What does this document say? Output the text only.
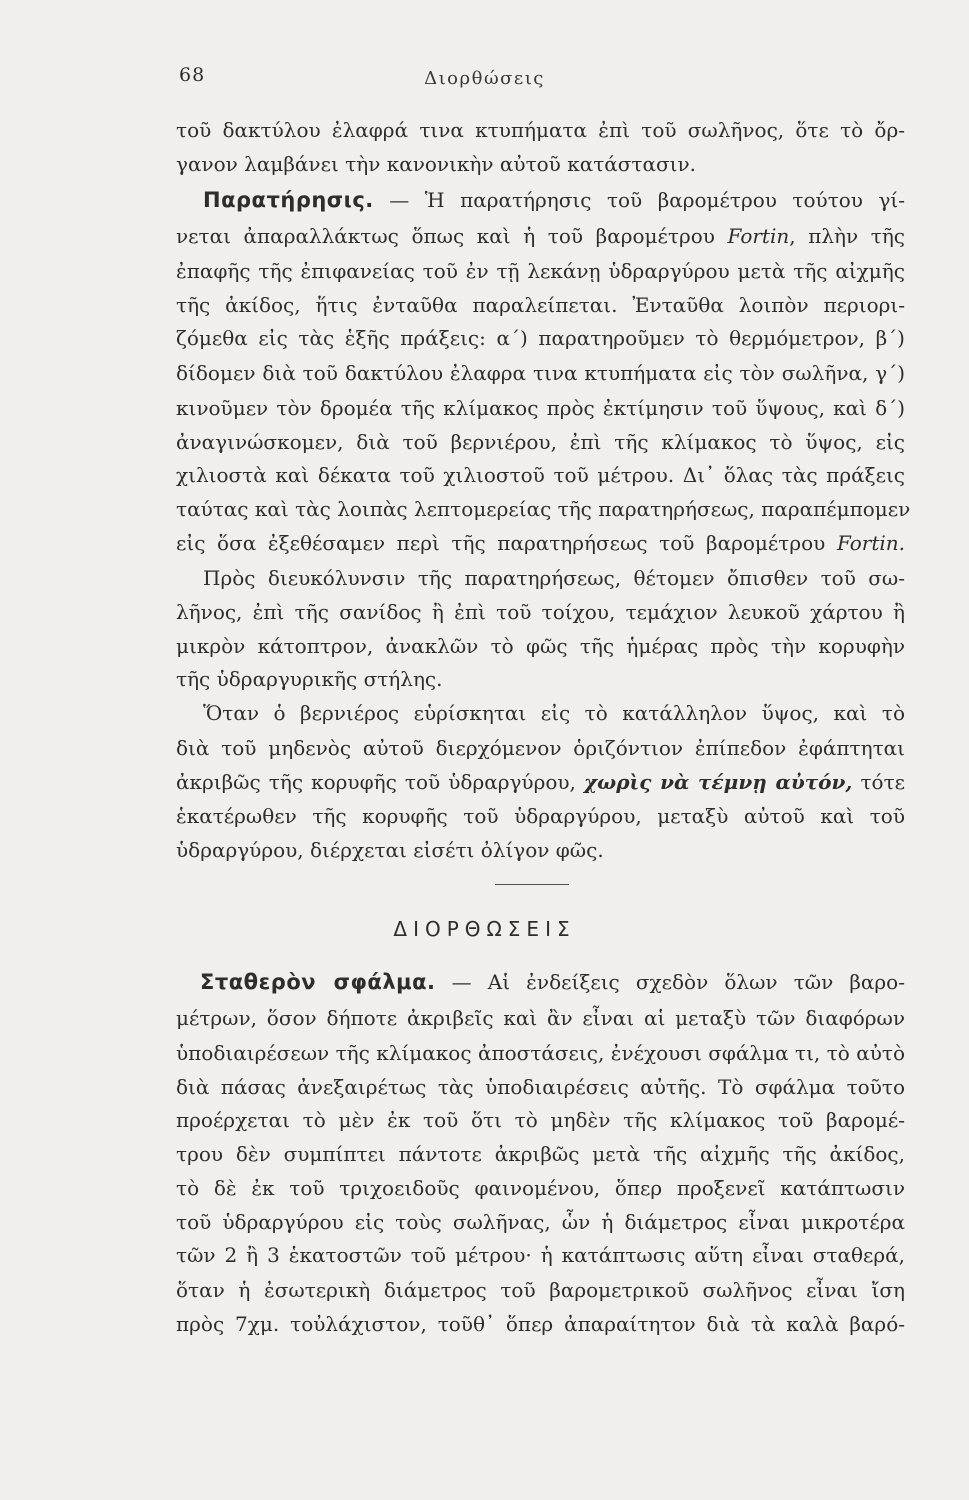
68	Διορθώσεις
τοῦ δακτύλου ἐλαφρά τινα κτυπήματα ἐπὶ τοῦ σωλῆνος, ὅτε τὸ ὄρ-
γανον λαμβάνει τὴν κανονικὴν αὐτοῦ κατάστασιν.
Παρατήρησις. — Ἡ παρατήρησις τοῦ βαρομέτρου τούτου γί-
νεται ἀπαραλλάκτως ὅπως καὶ ἡ τοῦ βαρομέτρου Fortin, πλὴν τῆς
ἐπαφῆς τῆς ἐπιφανείας τοῦ ἐν τῇ λεκάνῃ ὑδραργύρου μετὰ τῆς αἰχμῆς
τῆς ἀκίδος, ἥτις ἐνταῦθα παραλείπεται. Ἐνταῦθα λοιπὸν περιορι-
ζόμεθα εἰς τὰς ἑξῆς πράξεις: α΄) παρατηροῦμεν τὸ θερμόμετρον, β΄)
δίδομεν διὰ τοῦ δακτύλου ἐλαφρα τινα κτυπήματα εἰς τὸν σωλῆνα, γ΄)
κινοῦμεν τὸν δρομέα τῆς κλίμακος πρὸς ἐκτίμησιν τοῦ ὕψους, καὶ δ΄)
ἀναγινώσκομεν, διὰ τοῦ βερνιέρου, ἐπὶ τῆς κλίμακος τὸ ὕψος, εἰς
χιλιοστὰ καὶ δέκατα τοῦ χιλιοστοῦ τοῦ μέτρου. Δι᾿ ὅλας τὰς πράξεις
ταύτας καὶ τὰς λοιπὰς λεπτομερείας τῆς παρατηρήσεως, παραπέμπομεν
εἰς ὅσα ἐξεθέσαμεν περὶ τῆς παρατηρήσεως τοῦ βαρομέτρου Fortin.
Πρὸς διευκόλυνσιν τῆς παρατηρήσεως, θέτομεν ὄπισθεν τοῦ σω-
λῆνος, ἐπὶ τῆς σανίδος ἢ ἐπὶ τοῦ τοίχου, τεμάχιον λευκοῦ χάρτου ἢ
μικρὸν κάτοπτρον, ἀνακλῶν τὸ φῶς τῆς ἡμέρας πρὸς τὴν κορυφὴν
τῆς ὑδραργυρικῆς στήλης.
Ὅταν ὁ βερνιέρος εὑρίσκηται εἰς τὸ κατάλληλον ὕψος, καὶ τὸ
διὰ τοῦ μηδενὸς αὐτοῦ διερχόμενον ὁριζόντιον ἐπίπεδον ἐφάπτηται
ἀκριβῶς τῆς κορυφῆς τοῦ ὑδραργύρου, χωρὶς νὰ τέμνῃ αὐτόν, τότε
ἑκατέρωθεν τῆς κορυφῆς τοῦ ὑδραργύρου, μεταξὺ αὐτοῦ καὶ τοῦ
ὑδραργύρου, διέρχεται εἰσέτι ὀλίγον φῶς.
ΔΙΟΡΘΩΣΕΙΣ
Σταθερὸν σφάλμα. — Αἱ ἐνδείξεις σχεδὸν ὅλων τῶν βαρο-
μέτρων, ὅσον δήποτε ἀκριβεῖς καὶ ἂν εἶναι αἱ μεταξὺ τῶν διαφόρων
ὑποδιαιρέσεων τῆς κλίμακος ἀποστάσεις, ἐνέχουσι σφάλμα τι, τὸ αὐτὸ
διὰ πάσας ἀνεξαιρέτως τὰς ὑποδιαιρέσεις αὐτῆς. Τὸ σφάλμα τοῦτο
προέρχεται τὸ μὲν ἐκ τοῦ ὅτι τὸ μηδὲν τῆς κλίμακος τοῦ βαρομέ-
τρου δὲν συμπίπτει πάντοτε ἀκριβῶς μετὰ τῆς αἰχμῆς τῆς ἀκίδος,
τὸ δὲ ἐκ τοῦ τριχοειδοῦς φαινομένου, ὅπερ προξενεῖ κατάπτωσιν
τοῦ ὑδραργύρου εἰς τοὺς σωλῆνας, ὧν ἡ διάμετρος εἶναι μικροτέρα
τῶν 2 ἢ 3 ἑκατοστῶν τοῦ μέτρου· ἡ κατάπτωσις αὕτη εἶναι σταθερά,
ὅταν ἡ ἐσωτερικὴ διάμετρος τοῦ βαρομετρικοῦ σωλῆνος εἶναι ἴση
πρὸς 7χμ. τοὐλάχιστον, τοῦθ᾿ ὅπερ ἀπαραίτητον διὰ τὰ καλὰ βαρό-
